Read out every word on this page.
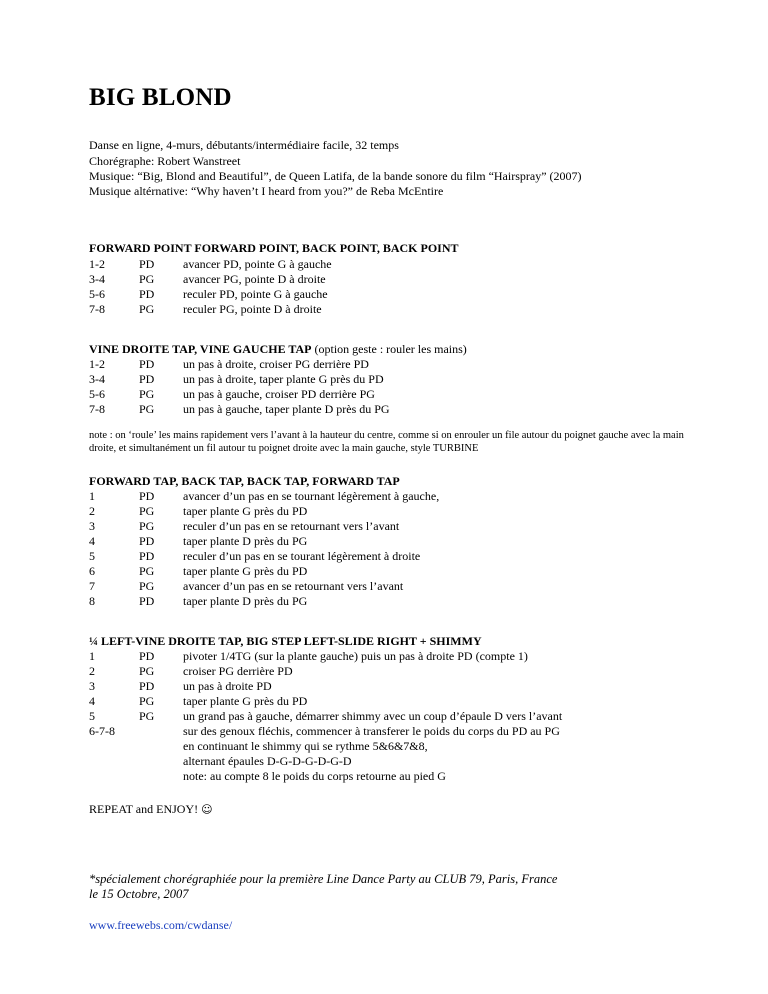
BIG BLOND
Danse en ligne, 4-murs, débutants/intermédiaire facile, 32 temps
Chorégraphe: Robert Wanstreet
Musique: “Big, Blond and Beautiful”, de Queen Latifa, de la bande sonore du film “Hairspray” (2007)
Musique altérnative: “Why haven’t I heard from you?” de Reba McEntire
FORWARD POINT FORWARD POINT, BACK POINT, BACK POINT
1-2	PD avancer PD, pointe G à gauche
3-4	PG avancer PG, pointe D à droite
5-6	PD reculer PD, pointe G à gauche
7-8	PG reculer PG, pointe D à droite
VINE DROITE TAP, VINE GAUCHE TAP (option geste : rouler les mains)
1-2	PD un pas à droite, croiser PG derrière PD
3-4	PD un pas à droite, taper plante G près du PD
5-6	PG un pas à gauche, croiser PD derrière PG
7-8	PG un pas à gauche, taper plante D près du PG
note : on ‘roule’ les mains rapidement vers l’avant à la hauteur du centre, comme si on enrouler un file autour du poignet gauche avec la main droite, et simultanément un fil autour tu poignet droite avec la main gauche, style TURBINE
FORWARD TAP, BACK TAP, BACK TAP, FORWARD TAP
1	PD avancer d’un pas en se tournant légèrement à gauche,
2	PG taper plante G près du PD
3	PG reculer d’un pas en se retournant vers l’avant
4	PD taper plante D près du PG
5	PD reculer d’un pas en se tourant légèrement à droite
6	PG taper plante G près du PD
7	PG avancer d’un pas en se retournant vers l’avant
8	PD taper plante D près du PG
¼ LEFT-VINE DROITE TAP, BIG STEP LEFT-SLIDE RIGHT + SHIMMY
1	PD pivoter 1/4TG (sur la plante gauche) puis un pas à droite PD (compte 1)
2	PG croiser PG derrière PD
3	PD un pas à droite PD
4	PG taper plante G près du PD
5	PG un grand pas à gauche, démarrer shimmy avec un coup d’épaule D vers l’avant
6-7-8	sur des genoux fléchis, commencer à transferer le poids du corps du PD au PG
en continuant le shimmy qui se rythme 5&6&7&8,
alternant épaules D-G-D-G-D-G-D
note: au compte 8 le poids du corps retourne au pied G
REPEAT and ENJOY! ☺
*spécialement chorégraphiée pour la première Line Dance Party au CLUB 79, Paris, France
le 15 Octobre, 2007
www.freewebs.com/cwdanse/
